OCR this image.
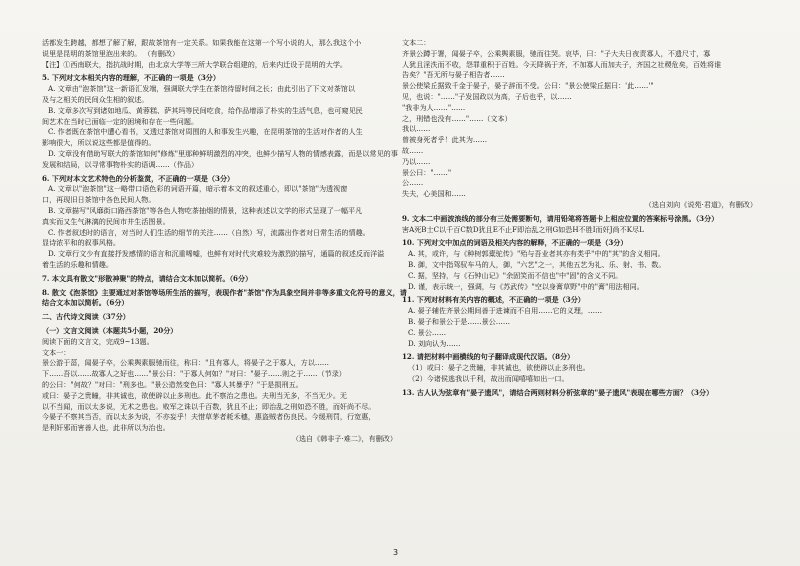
活都发生跨越，都想了解了解，跟故茶馆有一定关系。如果我能在这第一个写小说的人，那么我这个小

说里是昆明的茶馆里泡出来的。 （有删改）

【注】①西南联大，指抗战时期，由北京大学等三所大学联合组建的，后来内迁设于昆明的大学。

5. 下列对文本相关内容的理解，不正确的一项是（3分）

A. 文章由"泡茶馆"这一新语汇发端，强调联大学生在茶馆待留时间之长；由此引出了下文对茶馆以

及与之相关的民间众生相的叙述。

B. 文章多次写到诸如地瓜、黄蓉糕、萨其玛等民间吃食，给作品增添了朴实的生活气息，也可窥见民

间艺术在当时已面临一定的困境和存在一些问题。

C. 作者既在茶馆中遭心看书，又透过茶馆对周围的人和事发生兴趣，在昆明茶馆的生活对作者的人生

影响很大，所以说这些都是值得的。

D. 文章没有借助写联大的茶馆如何"修炼"里那种鲜明激烈的冲突，也鲜少描写人物的情感表露，而是以常见的事

发展和结局，以寻常事物朴实的语调……（作品）

6. 下列对本文艺术特色的分析鉴赏，不正确的一项是（3分）

A. 文章以"泡茶馆"这一略带口语色彩的词语开篇，暗示着本文的叙述重心，即以"茶馆"为透视窗

口，再现旧日茶馆中各色民间人物。

B. 文章描写"风靡街口路西茶馆"等各色人物吃茶抽烟的情景，这种表述以文学的形式呈现了一幅平凡

真实而又生气淋漓的民间市井生活图景。

C. 作者叙述时的语言，对当时人们生活的细节的关注……（自然）写，流露出作者对日常生活的情趣。

显诗浓平和的叙事风格。

D. 文章行文少有直接抒发感情的语言和沉重唏嘘，也鲜有对时代灾难较为激烈的描写，通篇的叙述反而洋溢

着生活的乐趣和情趣。

7. 本文具有散文"形散神聚"的特点，请结合文本加以简析。（6分）

8. 散文《泡茶馆》主要通过对茶馆等场所生活的描写，表现作者"茶馆"作为具象空间并非等多重文化符号的意义，请结合文本加以简析。（6分）

二、古代诗文阅读（37分）

（一）文言文阅读（本题共5小题，20分）

阅读下面的文言文，完成9~13题。

文本一：

景公游于菑，闻晏子卒，公乘舆素服驰而往，称曰："且有寡人，将晏子之于寡人，方以……

下……吾以……故寡人之好也……"景公曰："于寡人何如？"对曰："晏子……则之于……（节录）

的公曰："何故？"对曰："刑多也。"景公造然变色曰："寡人其暴乎？"于是损刑五。

或曰：晏子之贵瞳，非其诚也，欲使辟以止多刑也。此不察治之患也。夫刑当无多，不当无少。无

以不当闻，而以太多说，无术之患也。败军之诛以千百数，犹且不止；即治乱之刑如恐不胜，而奸尚不尽。

今晏子不察其当否，而以太多为说，不亦妄乎！夫惜草茅者耗禾穗，惠盗贼者伤良民。今缓刑罚，行宽惠，

是利奸邪而害善人也，此非所以为治也。

（选自《韩非子·难二》，有删改）

文本二：

齐景公蹲于署，闻晏子卒，公乘舆素服，驰而往哭。哀毕，曰："子大夫日夜责寡人，不遗尺寸，寡

人犹且淫泆而不收，怨罪重积于百姓。今天降祸于齐，不加寡人而加夫子，齐国之社稷危矣，百姓将谁

告矣？"吾无所与晏子相告者……

景公使梁丘据致千金于晏子，晏子辞而不受。公曰："景公使梁丘据曰：'此……'"

见，也说："……"子发国政以为高，子后也乎，以……

"我非为人……"……

之，刑错也没有……"……（文本）

我以……

曾被身死者乎！此其为……

故……

乃以……

景公曰："……"

公……

失夫，心美国和……

（选自刘向《说苑·君道》，有删改）

9. 文本二中画波浪线的部分有三处需要断句，请用铅笔将答题卡上相应位置的答案标号涂黑。（3分）

害A死B士C以千百C数D犹且E不止F即治乱之刑G如恐H不胜I而奸J尚不K尽L

10. 下列对文中加点的词语及相关内容的解释，不正确的一项是（3分）

A. 其，或许，与《种树郭橐驼传》"殆与吾业者其亦有类乎"中的"其"的含义相同。

B. 御，文中指驾驭车马的人，御，"六艺"之一，其他五艺为礼、乐、射、书、数。

C. 据，坚持，与《石钟山记》"余固笑而不信也"中"固"的含义不同。

D. 谨，表示统一，强调，与《苏武传》"空以身膏草野"中的"膏"用法相同。

11. 下列对材料有关内容的概述，不正确的一项是（3分）

A. 晏子辅佐齐景公期间善于进谏而不自用……它的义理，……

B. 晏子和景公于是……景公……

C. 景公……

D. 刘向认为……

12. 请把材料中画横线的句子翻译成现代汉语。（8分）

（1）或曰：晏子之贵瞳，非其诚也，欲使辟以止多刑也。

（2）今诸侯逃我以千利，故出而闻嘻嘻如出一口。

13. 古人认为弦章有"晏子遗风"，请结合两则材料分析弦章的"晏子遗风"表现在哪些方面？（3分）

3
